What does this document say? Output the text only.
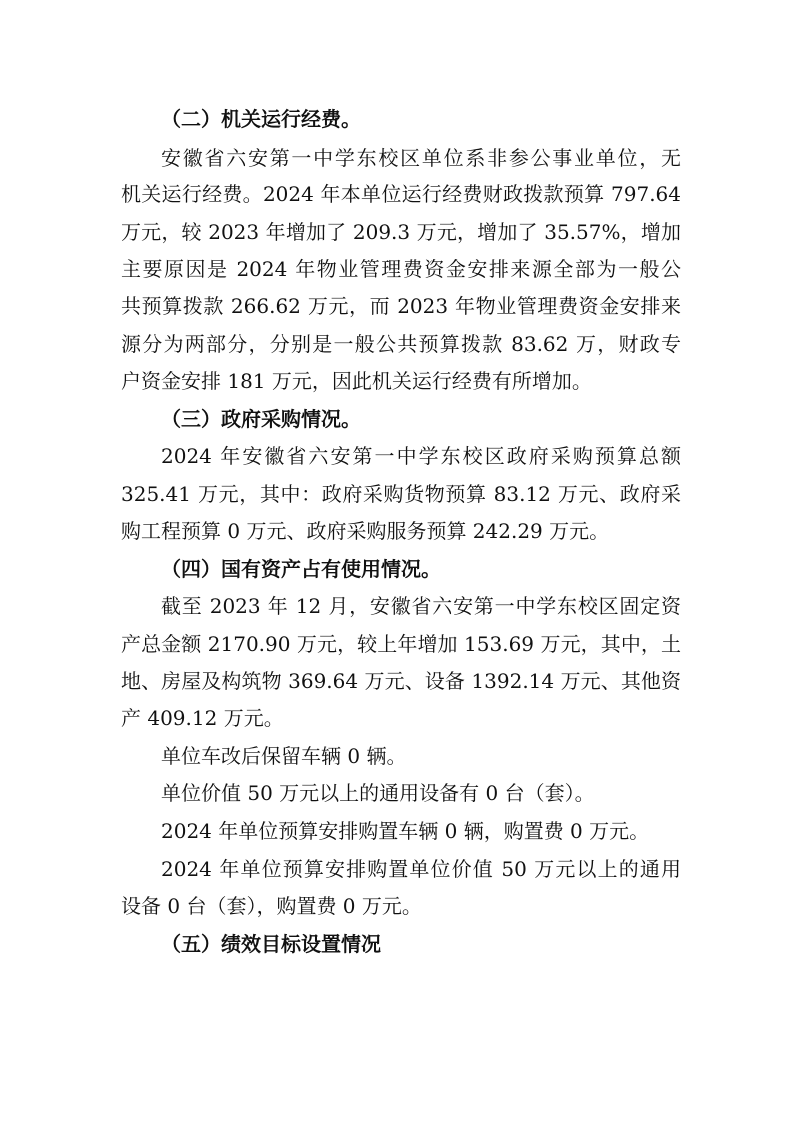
（二）机关运行经费。
安徽省六安第一中学东校区单位系非参公事业单位，无
机关运行经费。2024 年本单位运行经费财政拨款预算 797.64
万元，较 2023 年增加了 209.3 万元，增加了 35.57%，增加
主要原因是 2024 年物业管理费资金安排来源全部为一般公
共预算拨款 266.62 万元，而 2023 年物业管理费资金安排来
源分为两部分，分别是一般公共预算拨款 83.62 万，财政专
户资金安排 181 万元，因此机关运行经费有所增加。
（三）政府采购情况。
2024 年安徽省六安第一中学东校区政府采购预算总额
325.41 万元，其中：政府采购货物预算 83.12 万元、政府采
购工程预算 0 万元、政府采购服务预算 242.29 万元。
（四）国有资产占有使用情况。
截至 2023 年 12 月，安徽省六安第一中学东校区固定资
产总金额 2170.90 万元，较上年增加 153.69 万元，其中，土
地、房屋及构筑物 369.64 万元、设备 1392.14 万元、其他资
产 409.12 万元。
单位车改后保留车辆 0 辆。
单位价值 50 万元以上的通用设备有 0 台（套）。
2024 年单位预算安排购置车辆 0 辆，购置费 0 万元。
2024 年单位预算安排购置单位价值 50 万元以上的通用
设备 0 台（套），购置费 0 万元。
（五）绩效目标设置情况
